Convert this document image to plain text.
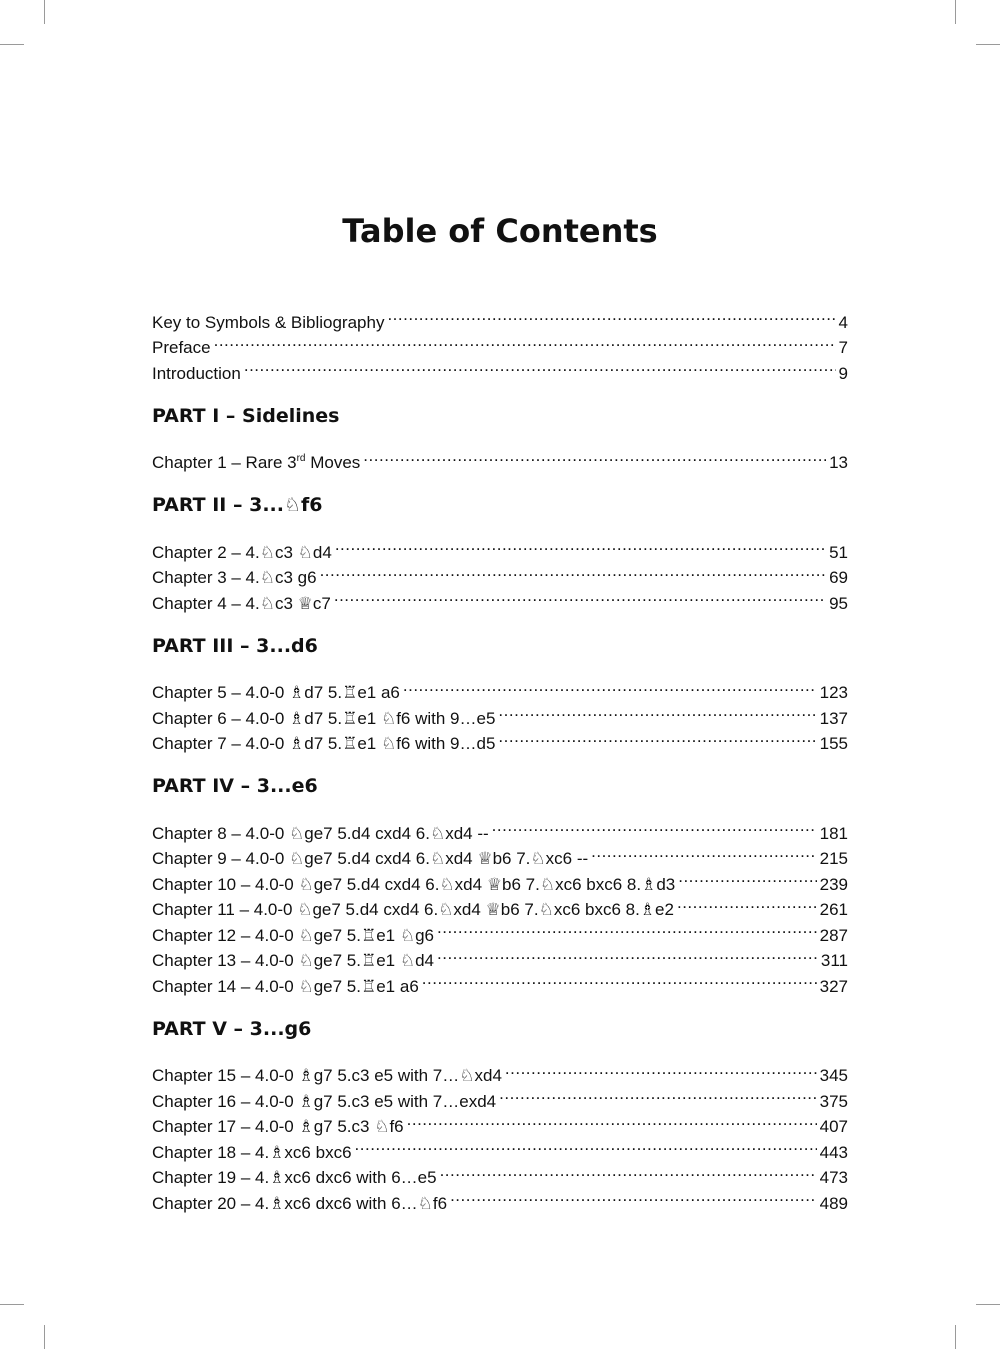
Table of Contents
Key to Symbols & Bibliography .....	4
Preface .....	7
Introduction .....	9
PART I – Sidelines
Chapter 1 – Rare 3rd Moves .....	13
PART II – 3...♘f6
Chapter 2 – 4.♘c3 ♘d4 .....	51
Chapter 3 – 4.♘c3 g6 .....	69
Chapter 4 – 4.♘c3 ♕c7 .....	95
PART III – 3...d6
Chapter 5 – 4.0-0 ♗d7 5.♖e1 a6 .....	123
Chapter 6 – 4.0-0 ♗d7 5.♖e1 ♘f6 with 9…e5 .....	137
Chapter 7 – 4.0-0 ♗d7 5.♖e1 ♘f6 with 9…d5 .....	155
PART IV – 3...e6
Chapter 8 – 4.0-0 ♘ge7 5.d4 cxd4 6.♘xd4 -- .....	181
Chapter 9 – 4.0-0 ♘ge7 5.d4 cxd4 6.♘xd4 ♕b6 7.♘xc6 -- .....	215
Chapter 10 – 4.0-0 ♘ge7 5.d4 cxd4 6.♘xd4 ♕b6 7.♘xc6 bxc6 8.♗d3 .....	239
Chapter 11 – 4.0-0 ♘ge7 5.d4 cxd4 6.♘xd4 ♕b6 7.♘xc6 bxc6 8.♗e2 .....	261
Chapter 12 – 4.0-0 ♘ge7 5.♖e1 ♘g6 .....	287
Chapter 13 – 4.0-0 ♘ge7 5.♖e1 ♘d4 .....	311
Chapter 14 – 4.0-0 ♘ge7 5.♖e1 a6 .....	327
PART V – 3...g6
Chapter 15 – 4.0-0 ♗g7 5.c3 e5 with 7…♘xd4 .....	345
Chapter 16 – 4.0-0 ♗g7 5.c3 e5 with 7…exd4 .....	375
Chapter 17 – 4.0-0 ♗g7 5.c3 ♘f6 .....	407
Chapter 18 – 4.♗xc6 bxc6 .....	443
Chapter 19 – 4.♗xc6 dxc6 with 6…e5 .....	473
Chapter 20 – 4.♗xc6 dxc6 with 6…♘f6 .....	489
